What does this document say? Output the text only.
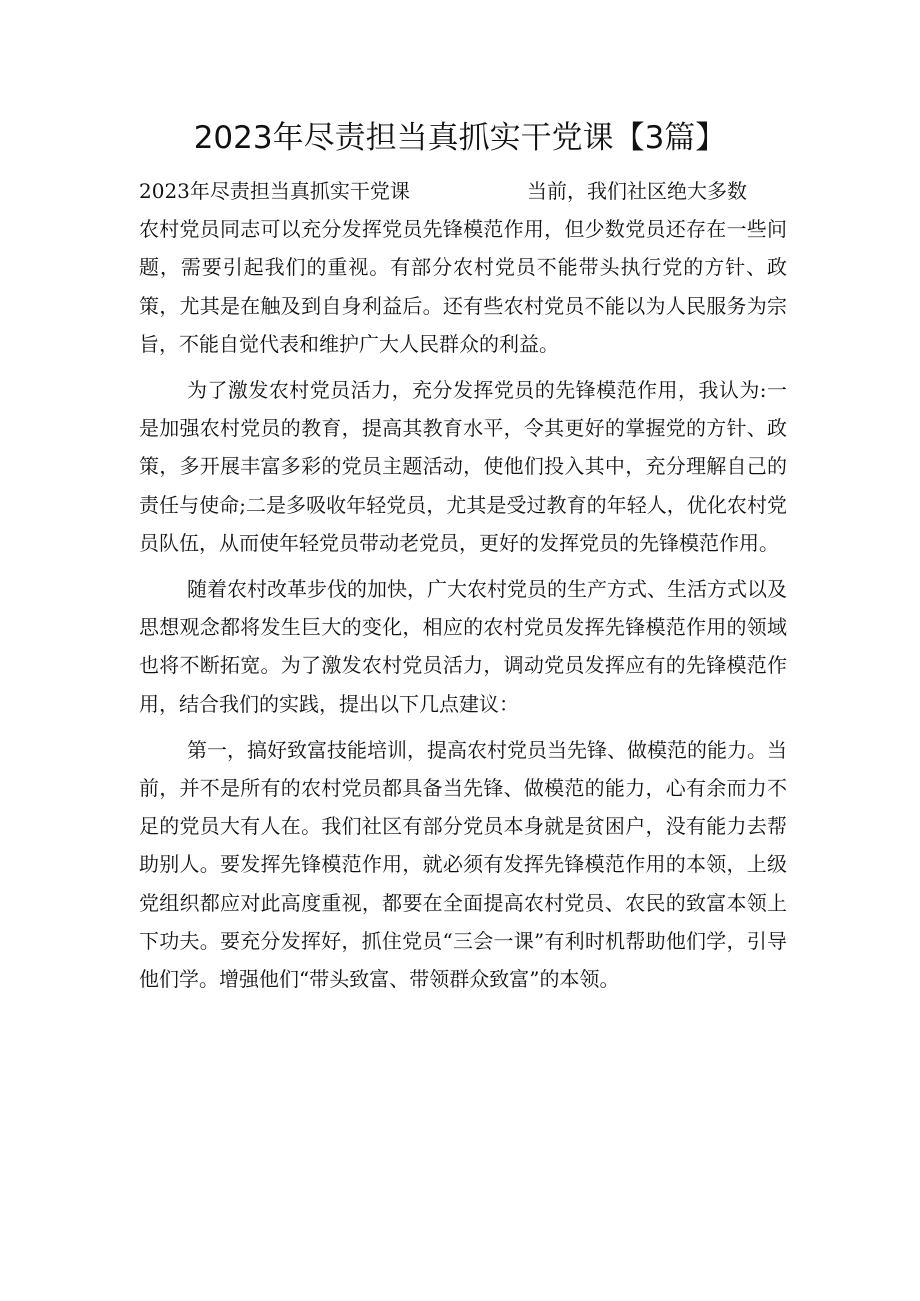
2023年尽责担当真抓实干党课【3篇】
2023年尽责担当真抓实干党课	当前，我们社区绝大多数

农村党员同志可以充分发挥党员先锋模范作用，但少数党员还存在一些问题，需要引起我们的重视。有部分农村党员不能带头执行党的方针、政策，尤其是在触及到自身利益后。还有些农村党员不能以为人民服务为宗旨，不能自觉代表和维护广大人民群众的利益。

为了激发农村党员活力，充分发挥党员的先锋模范作用，我认为:一是加强农村党员的教育，提高其教育水平，令其更好的掌握党的方针、政策，多开展丰富多彩的党员主题活动，使他们投入其中，充分理解自己的责任与使命;二是多吸收年轻党员，尤其是受过教育的年轻人，优化农村党员队伍，从而使年轻党员带动老党员，更好的发挥党员的先锋模范作用。

随着农村改革步伐的加快，广大农村党员的生产方式、生活方式以及思想观念都将发生巨大的变化，相应的农村党员发挥先锋模范作用的领域也将不断拓宽。为了激发农村党员活力，调动党员发挥应有的先锋模范作用，结合我们的实践，提出以下几点建议：

第一，搞好致富技能培训，提高农村党员当先锋、做模范的能力。当前，并不是所有的农村党员都具备当先锋、做模范的能力，心有余而力不足的党员大有人在。我们社区有部分党员本身就是贫困户，没有能力去帮助别人。要发挥先锋模范作用，就必须有发挥先锋模范作用的本领，上级党组织都应对此高度重视，都要在全面提高农村党员、农民的致富本领上下功夫。要充分发挥好，抓住党员“三会一课”有利时机帮助他们学，引导他们学。增强他们“带头致富、带领群众致富”的本领。
